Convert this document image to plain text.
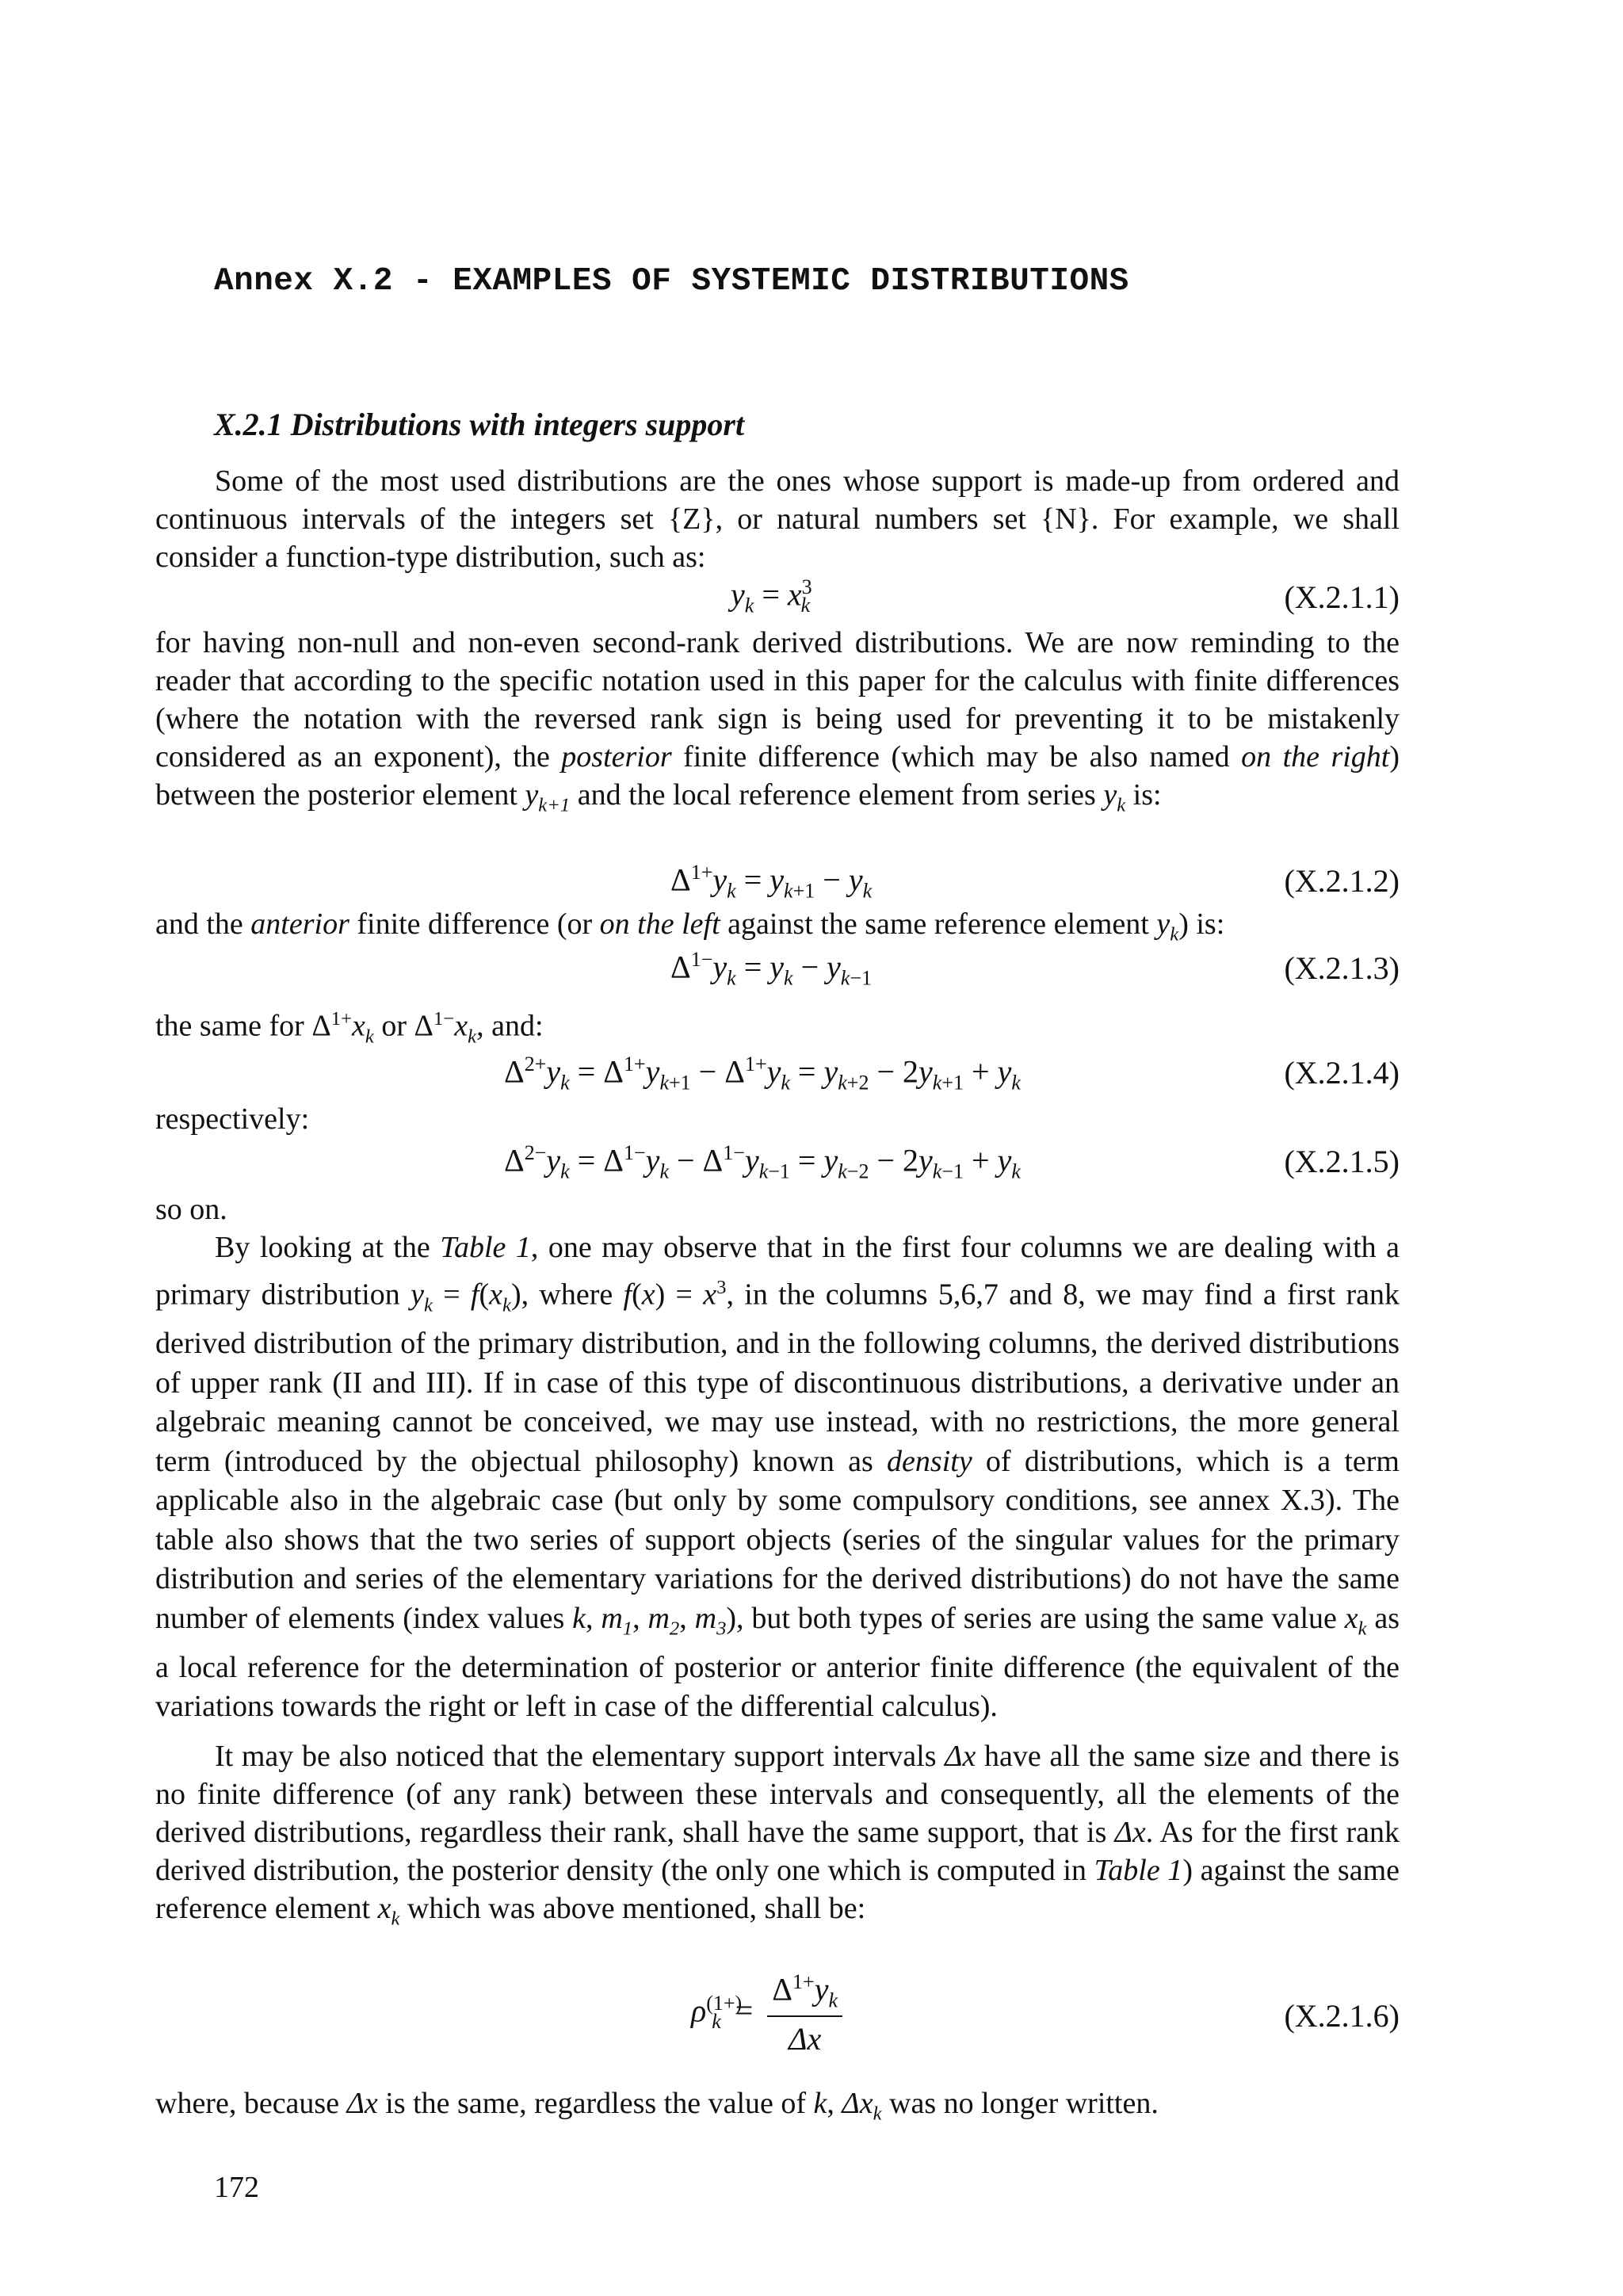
Annex X.2 - EXAMPLES OF SYSTEMIC DISTRIBUTIONS
X.2.1 Distributions with integers support

Some of the most used distributions are the ones whose support is made-up from ordered and continuous intervals of the integers set {Z}, or natural numbers set {N}. For example, we shall consider a function-type distribution, such as:

$y_k = x^3_k$	(X.2.1.1)

for having non-null and non-even second-rank derived distributions. We are now reminding to the reader that according to the specific notation used in this paper for the calculus with finite differences (where the notation with the reversed rank sign is being used for preventing it to be mistakenly considered as an exponent), the posterior finite difference (which may be also named on the right) between the posterior element $y_{k+1}$ and the local reference element from series $y_k$ is:

$\Delta^{1+}y_k = y_{k+1} - y_k$	(X.2.1.2)
and the anterior finite difference (or on the left against the same reference element $y_k$) is:
$\Delta^{1-}y_k = y_k - y_{k-1}$	(X.2.1.3)
the same for $\Delta^{1+}x_k$ or $\Delta^{1-}x_k$, and:
$\Delta^{2+}y_k = \Delta^{1+}y_{k+1} - \Delta^{1+}y_k = y_{k+2} - 2y_{k+1} + y_k$	(X.2.1.4)
respectively:
$\Delta^{2-}y_k = \Delta^{1-}y_k - \Delta^{1-}y_{k-1} = y_{k-2} - 2y_{k-1} + y_k$	(X.2.1.5)
so on.

By looking at the Table 1, one may observe that in the first four columns we are dealing with a primary distribution $y_k = f(x_k)$, where $f(x) = x^3$, in the columns 5,6,7 and 8, we may find a first rank derived distribution of the primary distribution, and in the following columns, the derived distributions of upper rank (II and III). If in case of this type of discontinuous distributions, a derivative under an algebraic meaning cannot be conceived, we may use instead, with no restrictions, the more general term (introduced by the objectual philosophy) known as density of distributions, which is a term applicable also in the algebraic case (but only by some compulsory conditions, see annex X.3). The table also shows that the two series of support objects (series of the singular values for the primary distribution and series of the elementary variations for the derived distributions) do not have the same number of elements (index values k, $m_1$, $m_2$, $m_3$), but both types of series are using the same value $x_k$ as a local reference for the determination of posterior or anterior finite difference (the equivalent of the variations towards the right or left in case of the differential calculus).

It may be also noticed that the elementary support intervals Δx have all the same size and there is no finite difference (of any rank) between these intervals and consequently, all the elements of the derived distributions, regardless their rank, shall have the same support, that is Δx. As for the first rank derived distribution, the posterior density (the only one which is computed in Table 1) against the same reference element $x_k$ which was above mentioned, shall be:

$\rho^{(1+)}_k = \frac{\Delta^{1+}y_k}{\Delta x}$	(X.2.1.6)
where, because Δx is the same, regardless the value of k, $\Delta x_k$ was no longer written.
172
